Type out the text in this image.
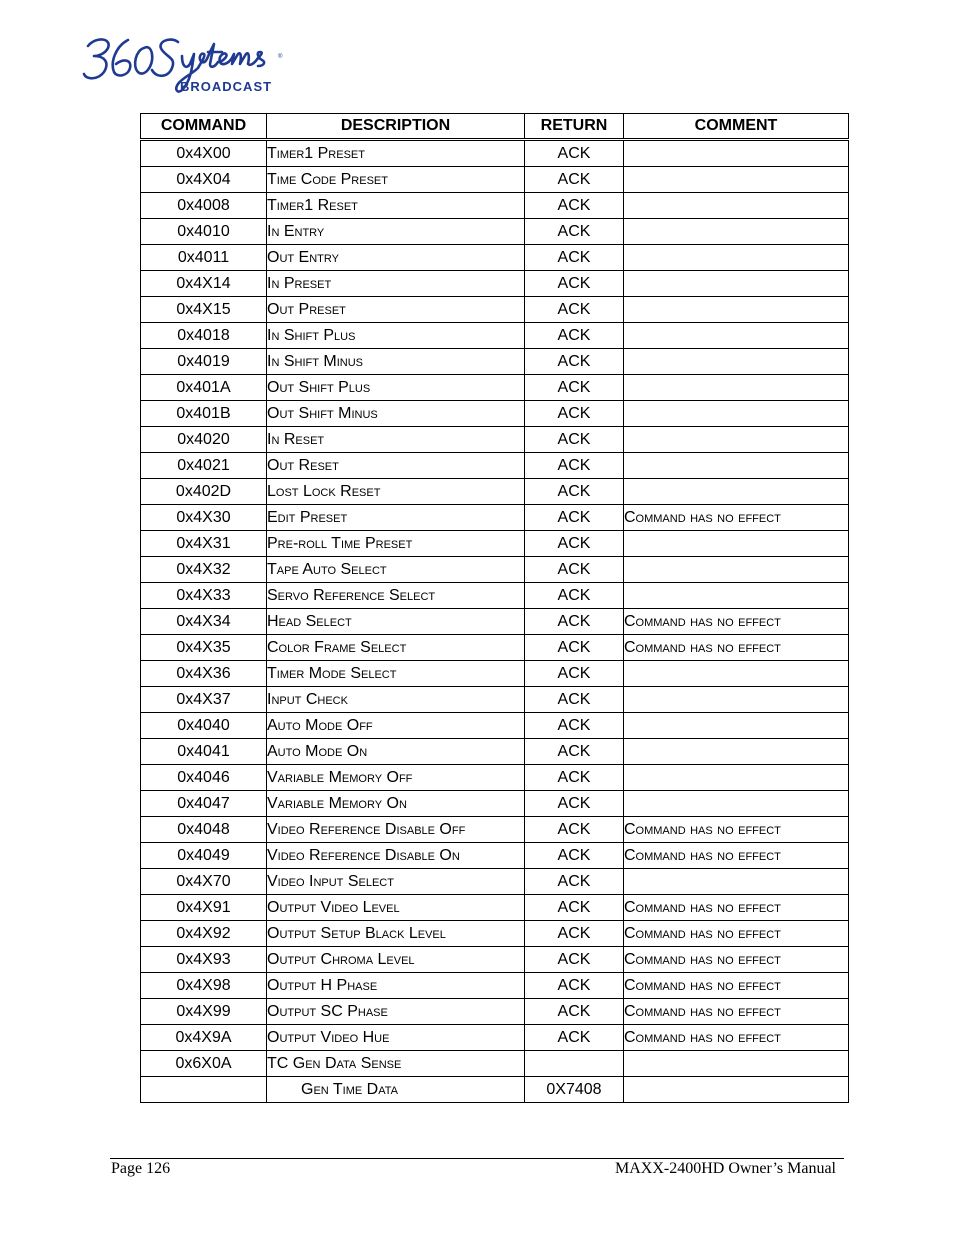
®
BROADCAST
COMMAND	DESCRIPTION	RETURN	COMMENT
0x4X00	Timer1 Preset	ACK	
0x4X04	Time Code Preset	ACK	
0x4008	Timer1 Reset	ACK	
0x4010	In Entry	ACK	
0x4011	Out Entry	ACK	
0x4X14	In Preset	ACK	
0x4X15	Out Preset	ACK	
0x4018	In Shift Plus	ACK	
0x4019	In Shift Minus	ACK	
0x401A	Out Shift Plus	ACK	
0x401B	Out Shift Minus	ACK	
0x4020	In Reset	ACK	
0x4021	Out Reset	ACK	
0x402D	Lost Lock Reset	ACK	
0x4X30	Edit Preset	ACK	Command has no effect
0x4X31	Pre-roll Time Preset	ACK	
0x4X32	Tape Auto Select	ACK	
0x4X33	Servo Reference Select	ACK	
0x4X34	Head Select	ACK	Command has no effect
0x4X35	Color Frame Select	ACK	Command has no effect
0x4X36	Timer Mode Select	ACK	
0x4X37	Input Check	ACK	
0x4040	Auto Mode Off	ACK	
0x4041	Auto Mode On	ACK	
0x4046	Variable Memory Off	ACK	
0x4047	Variable Memory On	ACK	
0x4048	Video Reference Disable Off	ACK	Command has no effect
0x4049	Video Reference Disable On	ACK	Command has no effect
0x4X70	Video Input Select	ACK	
0x4X91	Output Video Level	ACK	Command has no effect
0x4X92	Output Setup Black Level	ACK	Command has no effect
0x4X93	Output Chroma Level	ACK	Command has no effect
0x4X98	Output H Phase	ACK	Command has no effect
0x4X99	Output SC Phase	ACK	Command has no effect
0x4X9A	Output Video Hue	ACK	Command has no effect
0x6X0A	TC Gen Data Sense		
	Gen Time Data	0X7408	
Page 126	MAXX-2400HD Owner’s Manual
